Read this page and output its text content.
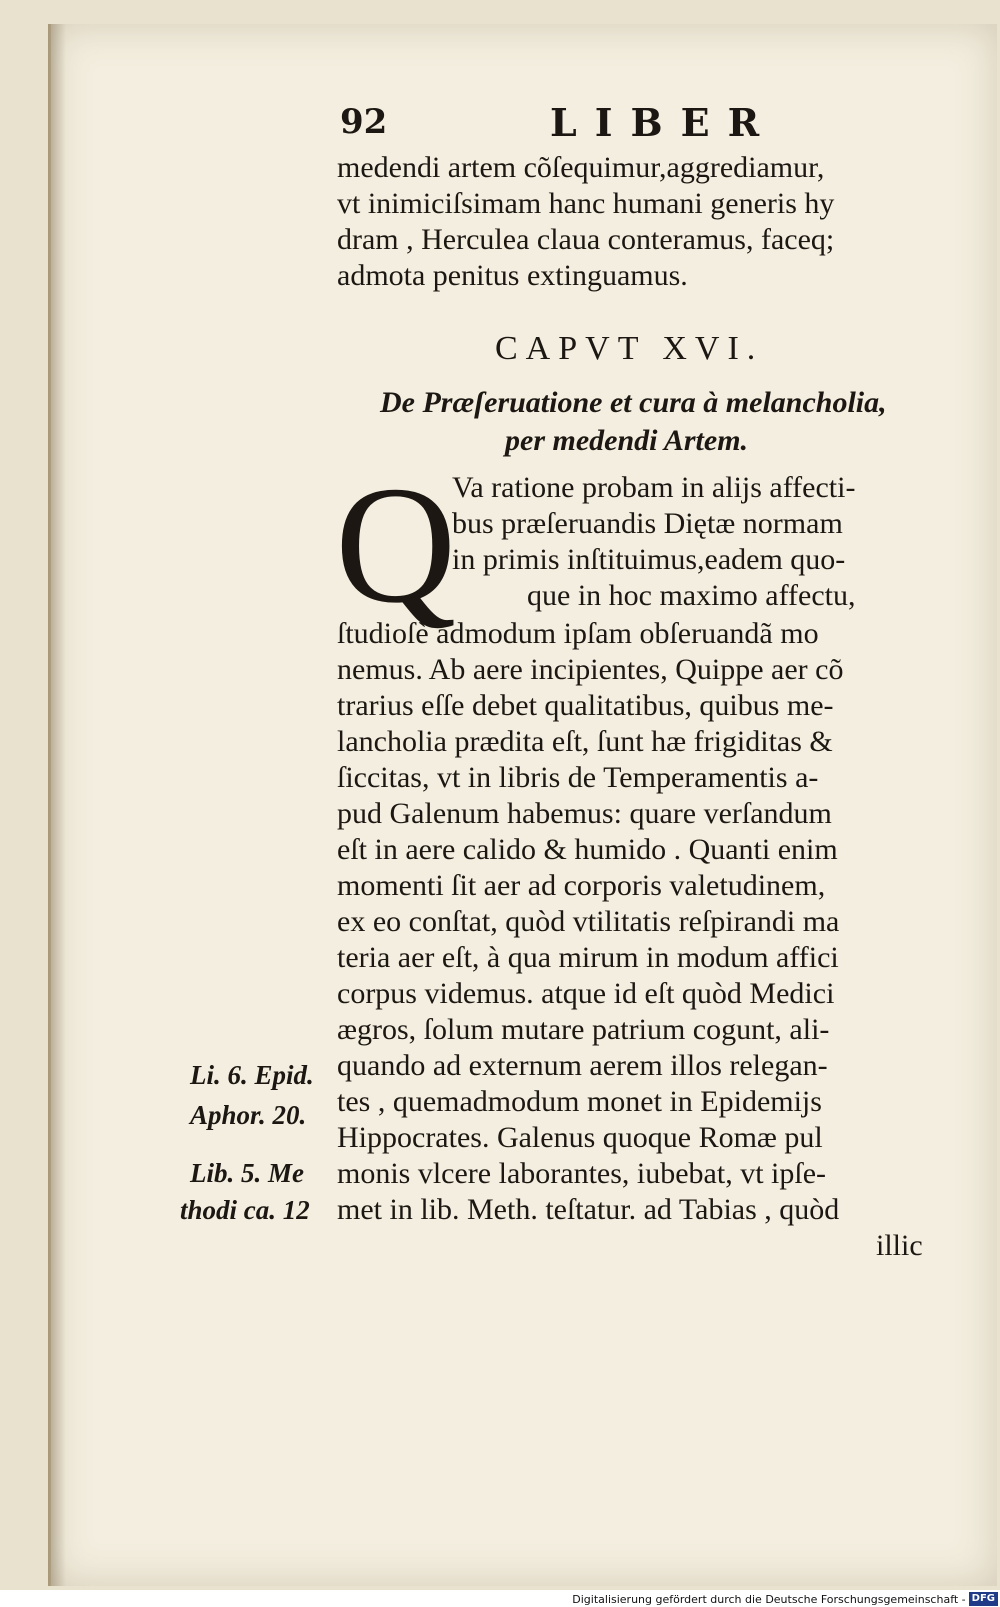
92	LIBER
medendi artem cõſequimur,aggrediamur,
vt inimiciſsimam hanc humani generis hy
dram , Herculea claua conteramus, faceq;
admota penitus extinguamus.
CAPVT XVI.
De Præſeruatione et cura à melancholia,
per medendi Artem.
Q
Va ratione probam in alijs affecti-
bus præſeruandis Diętæ normam
in primis inſtituimus,eadem quo-
que in hoc maximo affectu,
ſtudioſè admodum ipſam obſeruandã mo
nemus. Ab aere incipientes, Quippe aer cõ
trarius eſſe debet qualitatibus, quibus me-
lancholia prædita eſt, ſunt hæ frigiditas &
ſiccitas, vt in libris de Temperamentis a-
pud Galenum habemus: quare verſandum
eſt in aere calido & humido . Quanti enim
momenti ſit aer ad corporis valetudinem,
ex eo conſtat, quòd vtilitatis reſpirandi ma
teria aer eſt, à qua mirum in modum affici
corpus videmus. atque id eſt quòd Medici
ægros, ſolum mutare patrium cogunt, ali-
quando ad externum aerem illos relegan-
tes , quemadmodum monet in Epidemijs
Hippocrates. Galenus quoque Romæ pul
monis vlcere laborantes, iubebat, vt ipſe-
met in lib. Meth. teſtatur. ad Tabias , quòd
illic
Li. 6. Epid.
Aphor. 20.
Lib. 5. Me
thodi ca. 12
Digitalisierung gefördert durch die Deutsche Forschungsgemeinschaft - DFG
